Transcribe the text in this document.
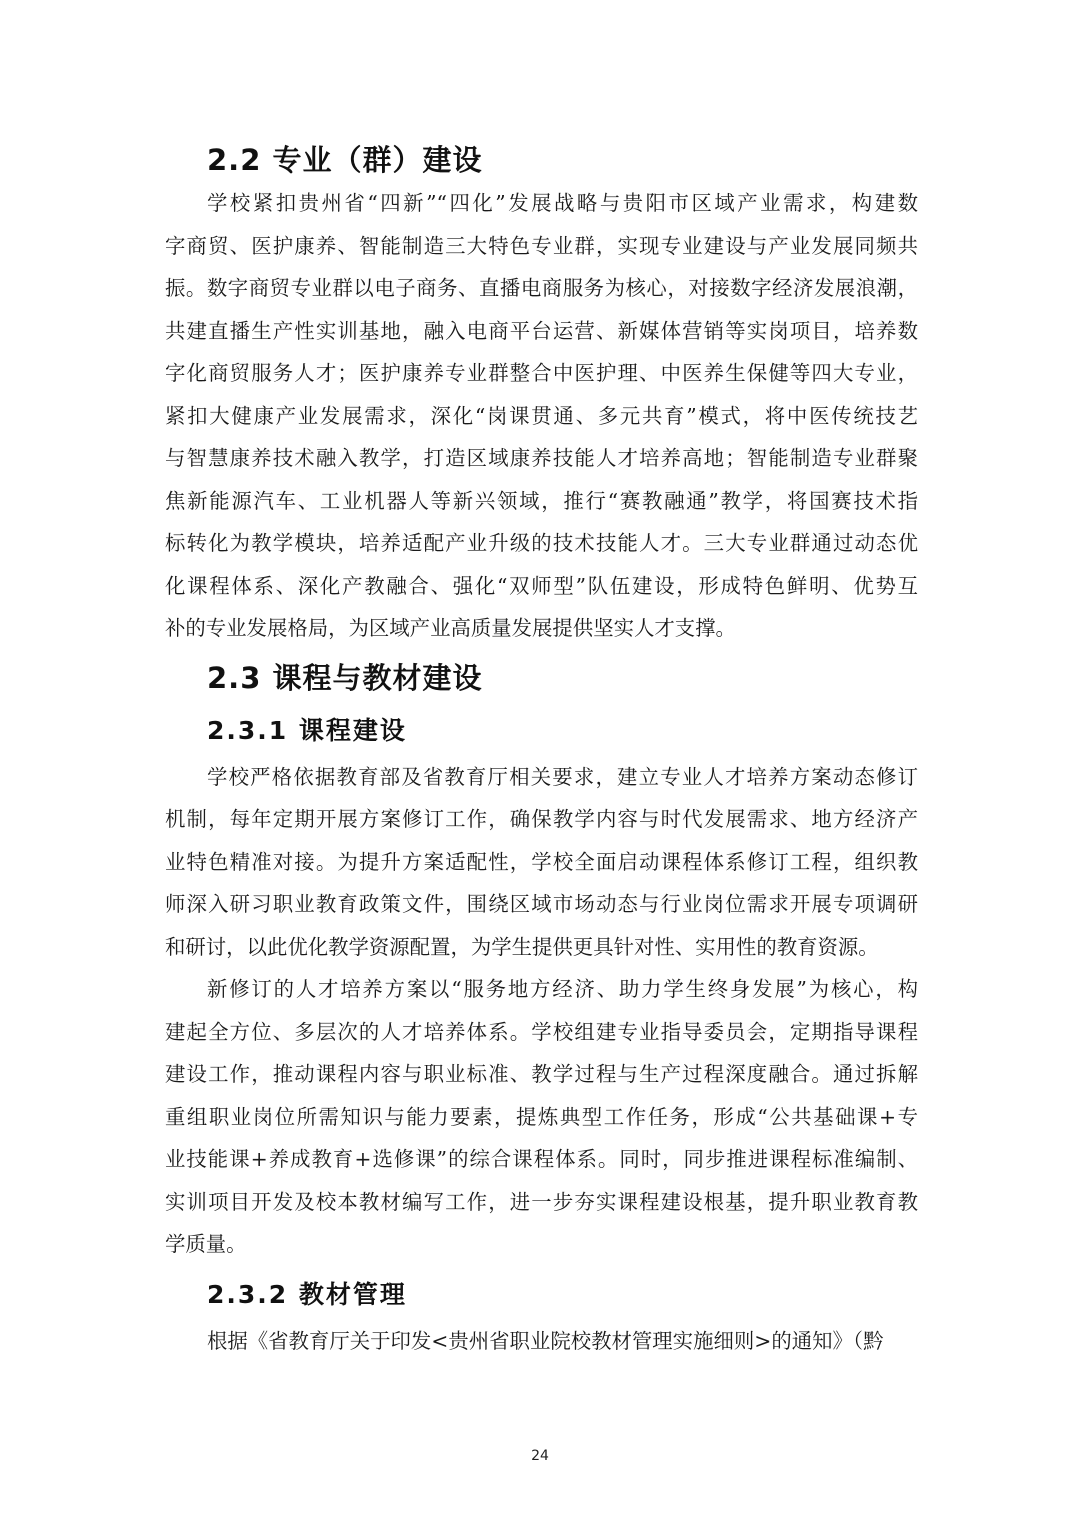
2.2 专业（群）建设
学校紧扣贵州省“四新”“四化”发展战略与贵阳市区域产业需求，构建数
字商贸、医护康养、智能制造三大特色专业群，实现专业建设与产业发展同频共
振。数字商贸专业群以电子商务、直播电商服务为核心，对接数字经济发展浪潮，
共建直播生产性实训基地，融入电商平台运营、新媒体营销等实岗项目，培养数
字化商贸服务人才；医护康养专业群整合中医护理、中医养生保健等四大专业，
紧扣大健康产业发展需求，深化“岗课贯通、多元共育”模式，将中医传统技艺
与智慧康养技术融入教学，打造区域康养技能人才培养高地；智能制造专业群聚
焦新能源汽车、工业机器人等新兴领域，推行“赛教融通”教学，将国赛技术指
标转化为教学模块，培养适配产业升级的技术技能人才。三大专业群通过动态优
化课程体系、深化产教融合、强化“双师型”队伍建设，形成特色鲜明、优势互
补的专业发展格局，为区域产业高质量发展提供坚实人才支撑。
2.3 课程与教材建设
2.3.1 课程建设
学校严格依据教育部及省教育厅相关要求，建立专业人才培养方案动态修订
机制，每年定期开展方案修订工作，确保教学内容与时代发展需求、地方经济产
业特色精准对接。为提升方案适配性，学校全面启动课程体系修订工程，组织教
师深入研习职业教育政策文件，围绕区域市场动态与行业岗位需求开展专项调研
和研讨，以此优化教学资源配置，为学生提供更具针对性、实用性的教育资源。
新修订的人才培养方案以“服务地方经济、助力学生终身发展”为核心，构
建起全方位、多层次的人才培养体系。学校组建专业指导委员会，定期指导课程
建设工作，推动课程内容与职业标准、教学过程与生产过程深度融合。通过拆解
重组职业岗位所需知识与能力要素，提炼典型工作任务，形成“公共基础课+专
业技能课+养成教育+选修课”的综合课程体系。同时，同步推进课程标准编制、
实训项目开发及校本教材编写工作，进一步夯实课程建设根基，提升职业教育教
学质量。
2.3.2 教材管理
根据《省教育厅关于印发<贵州省职业院校教材管理实施细则>的通知》（黔
24
